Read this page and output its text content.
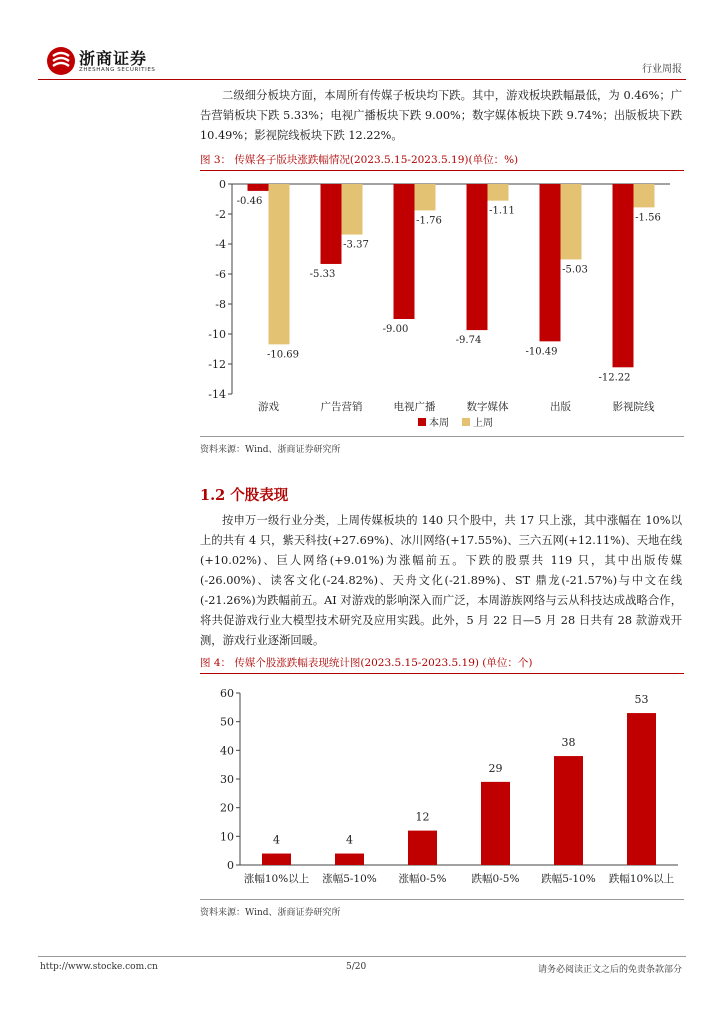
浙商证券
ZHESHANG SECURITIES	行业周报
二级细分板块方面，本周所有传媒子板块均下跌。其中，游戏板块跌幅最低，为 0.46%；广告营销板块下跌 5.33%；电视广播板块下跌 9.00%；数字媒体板块下跌 9.74%；出版板块下跌 10.49%；影视院线板块下跌 12.22%。
图 3： 传媒各子版块涨跌幅情况(2023.5.15-2023.5.19)(单位：%)
0
-2
-4
-6
-8
-10
-12
-14
-0.46
-10.69
游戏
-5.33
-3.37
广告营销
-9.00
-1.76
电视广播
-9.74
-1.11
数字媒体
-10.49
-5.03
出版
-12.22
-1.56
影视院线
本周 上周
资料来源：Wind、浙商证券研究所
1.2 个股表现
按申万一级行业分类，上周传媒板块的 140 只个股中，共 17 只上涨，其中涨幅在 10%以上的共有 4 只，紫天科技(+27.69%)、冰川网络(+17.55%)、三六五网(+12.11%)、天地在线(+10.02%)、巨人网络(+9.01%)为涨幅前五。下跌的股票共 119 只，其中出版传媒(-26.00%)、读客文化(-24.82%)、天舟文化(-21.89%)、ST 鼎龙(-21.57%)与中文在线(-21.26%)为跌幅前五。AI 对游戏的影响深入而广泛，本周游族网络与云从科技达成战略合作，将共促游戏行业大模型技术研究及应用实践。此外，5 月 22 日—5 月 28 日共有 28 款游戏开测，游戏行业逐渐回暖。
图 4： 传媒个股涨跌幅表现统计图(2023.5.15-2023.5.19) (单位：个)
0
10
20
30
40
50
60
4
涨幅10%以上
4
涨幅5-10%
12
涨幅0-5%
29
跌幅0-5%
38
跌幅5-10%
53
跌幅10%以上
资料来源：Wind、浙商证券研究所
http://www.stocke.com.cn	5/20	请务必阅读正文之后的免责条款部分
